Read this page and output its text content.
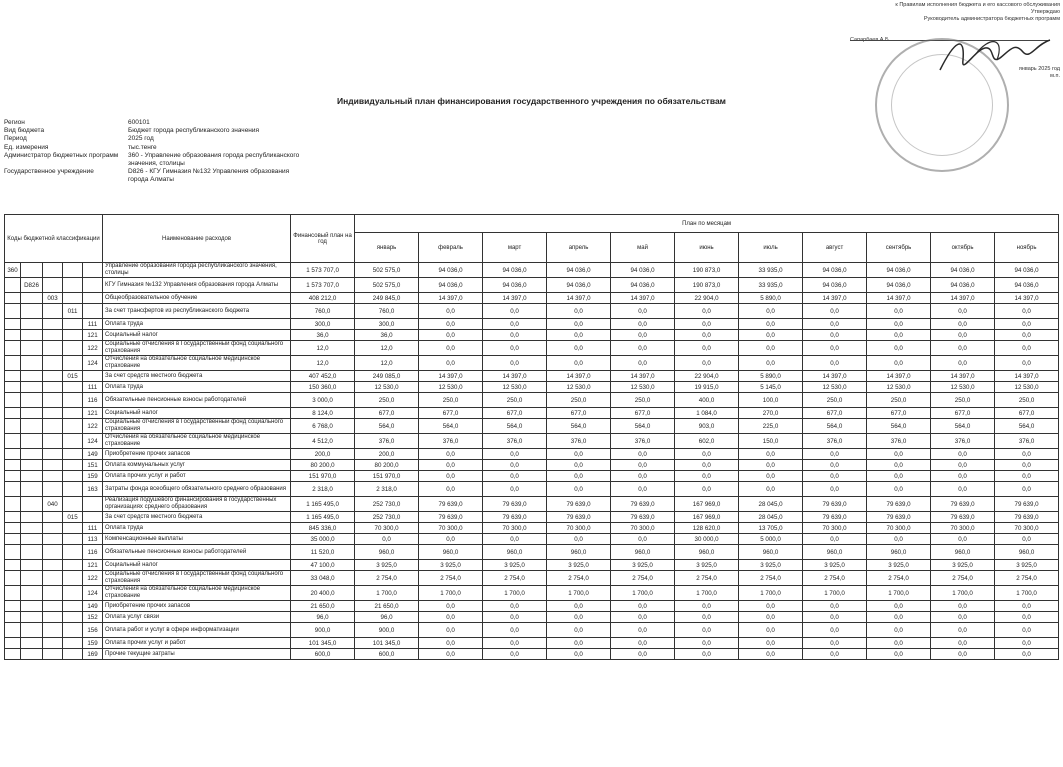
к Правилам исполнения бюджета и его кассового обслуживания
Утверждаю
Руководитель администратора бюджетных программ
Сапарбаев А.Б.
январь 2025 год
м.п.
Индивидуальный план финансирования государственного учреждения по обязательствам
Регион	600101
Вид бюджета	Бюджет города республиканского значения
Период	2025 год
Ед. измерения	тыс.тенге
Администратор бюджетных программ	360 - Управление образования города республиканского значения, столицы
Государственное учреждение	D826 - КГУ Гимназия №132 Управления образования города Алматы
Коды бюджетной классификации					Наименование расходов	Финансовый план на год	План по месяцам										
							январь	февраль	март	апрель	май	июнь	июль	август	сентябрь	октябрь	ноябрь
360					Управление образования города республиканского значения, столицы	1 573 707,0	502 575,0	94 036,0	94 036,0	94 036,0	94 036,0	190 873,0	33 935,0	94 036,0	94 036,0	94 036,0	94 036,0
	D826				КГУ Гимназия №132 Управления образования города Алматы	1 573 707,0	502 575,0	94 036,0	94 036,0	94 036,0	94 036,0	190 873,0	33 935,0	94 036,0	94 036,0	94 036,0	94 036,0
		003			Общеобразовательное обучение	408 212,0	249 845,0	14 397,0	14 397,0	14 397,0	14 397,0	22 904,0	5 890,0	14 397,0	14 397,0	14 397,0	14 397,0
			011		За счет трансфертов из республиканского бюджета	760,0	760,0	0,0	0,0	0,0	0,0	0,0	0,0	0,0	0,0	0,0	0,0
				111	Оплата труда	300,0	300,0	0,0	0,0	0,0	0,0	0,0	0,0	0,0	0,0	0,0	0,0
				121	Социальный налог	36,0	36,0	0,0	0,0	0,0	0,0	0,0	0,0	0,0	0,0	0,0	0,0
				122	Социальные отчисления в Государственный фонд социального страхования	12,0	12,0	0,0	0,0	0,0	0,0	0,0	0,0	0,0	0,0	0,0	0,0
				124	Отчисления на обязательное социальное медицинское страхование	12,0	12,0	0,0	0,0	0,0	0,0	0,0	0,0	0,0	0,0	0,0	0,0
			015		За счет средств местного бюджета	407 452,0	249 085,0	14 397,0	14 397,0	14 397,0	14 397,0	22 904,0	5 890,0	14 397,0	14 397,0	14 397,0	14 397,0
				111	Оплата труда	150 360,0	12 530,0	12 530,0	12 530,0	12 530,0	12 530,0	19 915,0	5 145,0	12 530,0	12 530,0	12 530,0	12 530,0
				116	Обязательные пенсионные взносы работодателей	3 000,0	250,0	250,0	250,0	250,0	250,0	400,0	100,0	250,0	250,0	250,0	250,0
				121	Социальный налог	8 124,0	677,0	677,0	677,0	677,0	677,0	1 084,0	270,0	677,0	677,0	677,0	677,0
				122	Социальные отчисления в Государственный фонд социального страхования	6 768,0	564,0	564,0	564,0	564,0	564,0	903,0	225,0	564,0	564,0	564,0	564,0
				124	Отчисления на обязательное социальное медицинское страхование	4 512,0	376,0	376,0	376,0	376,0	376,0	602,0	150,0	376,0	376,0	376,0	376,0
				149	Приобретение прочих запасов	200,0	200,0	0,0	0,0	0,0	0,0	0,0	0,0	0,0	0,0	0,0	0,0
				151	Оплата коммунальных услуг	80 200,0	80 200,0	0,0	0,0	0,0	0,0	0,0	0,0	0,0	0,0	0,0	0,0
				159	Оплата прочих услуг и работ	151 970,0	151 970,0	0,0	0,0	0,0	0,0	0,0	0,0	0,0	0,0	0,0	0,0
				163	Затраты фонда всеобщего обязательного среднего образования	2 318,0	2 318,0	0,0	0,0	0,0	0,0	0,0	0,0	0,0	0,0	0,0	0,0
		040			Реализация подушевого финансирования в государственных организациях среднего образования	1 165 495,0	252 730,0	79 639,0	79 639,0	79 639,0	79 639,0	167 969,0	28 045,0	79 639,0	79 639,0	79 639,0	79 639,0
			015		За счет средств местного бюджета	1 165 495,0	252 730,0	79 639,0	79 639,0	79 639,0	79 639,0	167 969,0	28 045,0	79 639,0	79 639,0	79 639,0	79 639,0
				111	Оплата труда	845 336,0	70 300,0	70 300,0	70 300,0	70 300,0	70 300,0	128 620,0	13 705,0	70 300,0	70 300,0	70 300,0	70 300,0
				113	Компенсационные выплаты	35 000,0	0,0	0,0	0,0	0,0	0,0	30 000,0	5 000,0	0,0	0,0	0,0	0,0
				116	Обязательные пенсионные взносы работодателей	11 520,0	960,0	960,0	960,0	960,0	960,0	960,0	960,0	960,0	960,0	960,0	960,0
				121	Социальный налог	47 100,0	3 925,0	3 925,0	3 925,0	3 925,0	3 925,0	3 925,0	3 925,0	3 925,0	3 925,0	3 925,0	3 925,0
				122	Социальные отчисления в Государственный фонд социального страхования	33 048,0	2 754,0	2 754,0	2 754,0	2 754,0	2 754,0	2 754,0	2 754,0	2 754,0	2 754,0	2 754,0	2 754,0
				124	Отчисления на обязательное социальное медицинское страхование	20 400,0	1 700,0	1 700,0	1 700,0	1 700,0	1 700,0	1 700,0	1 700,0	1 700,0	1 700,0	1 700,0	1 700,0
				149	Приобретение прочих запасов	21 650,0	21 650,0	0,0	0,0	0,0	0,0	0,0	0,0	0,0	0,0	0,0	0,0
				152	Оплата услуг связи	96,0	96,0	0,0	0,0	0,0	0,0	0,0	0,0	0,0	0,0	0,0	0,0
				156	Оплата работ и услуг в сфере информатизации	900,0	900,0	0,0	0,0	0,0	0,0	0,0	0,0	0,0	0,0	0,0	0,0
				159	Оплата прочих услуг и работ	101 345,0	101 345,0	0,0	0,0	0,0	0,0	0,0	0,0	0,0	0,0	0,0	0,0
				169	Прочие текущие затраты	600,0	600,0	0,0	0,0	0,0	0,0	0,0	0,0	0,0	0,0	0,0	0,0
